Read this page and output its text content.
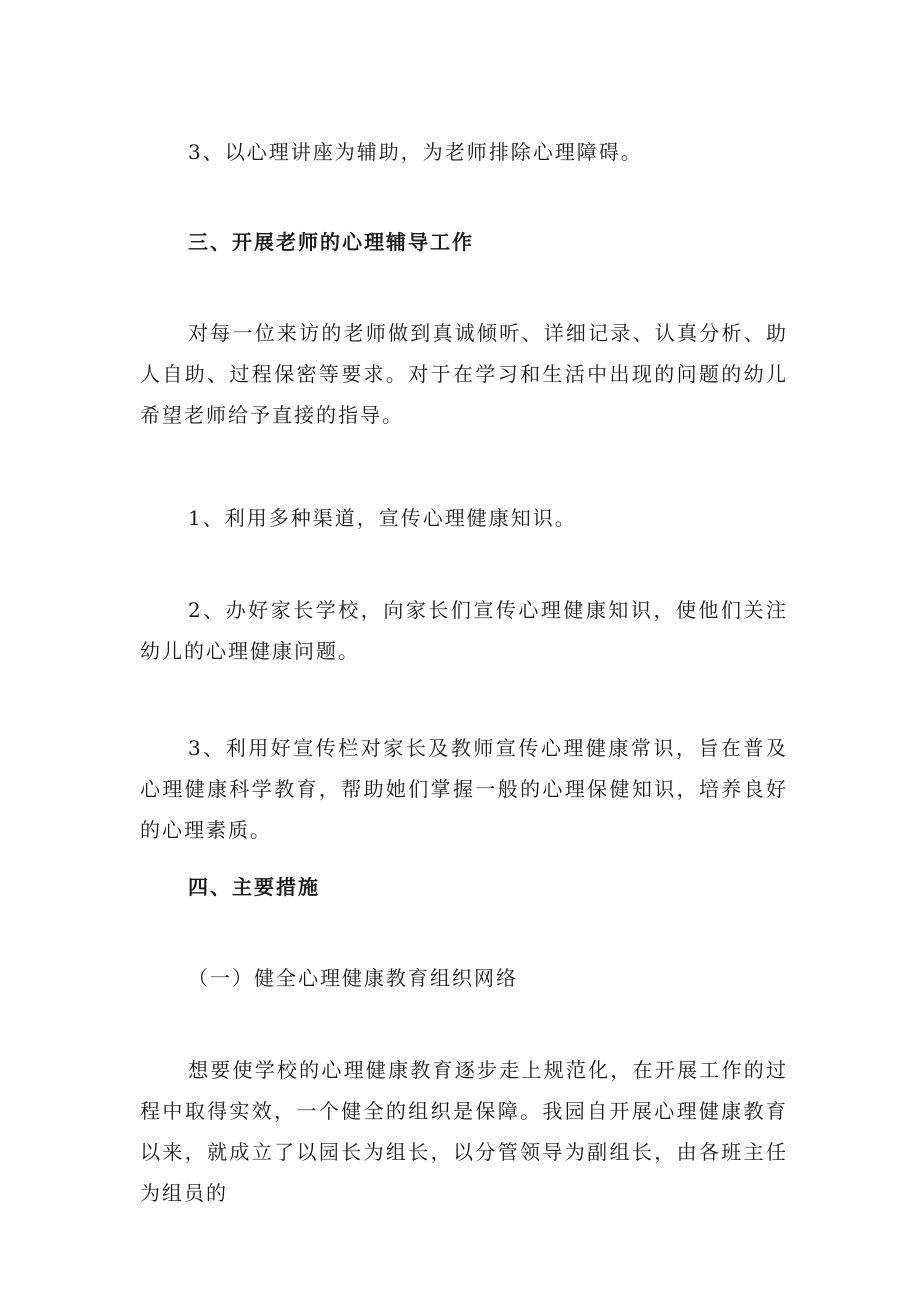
3、以心理讲座为辅助，为老师排除心理障碍。

三、开展老师的心理辅导工作

对每一位来访的老师做到真诚倾听、详细记录、认真分析、助人自助、过程保密等要求。对于在学习和生活中出现的问题的幼儿希望老师给予直接的指导。

1、利用多种渠道，宣传心理健康知识。

2、办好家长学校，向家长们宣传心理健康知识，使他们关注幼儿的心理健康问题。

3、利用好宣传栏对家长及教师宣传心理健康常识，旨在普及心理健康科学教育，帮助她们掌握一般的心理保健知识，培养良好的心理素质。

四、主要措施

（一）健全心理健康教育组织网络

想要使学校的心理健康教育逐步走上规范化，在开展工作的过程中取得实效，一个健全的组织是保障。我园自开展心理健康教育以来，就成立了以园长为组长，以分管领导为副组长，由各班主任为组员的
